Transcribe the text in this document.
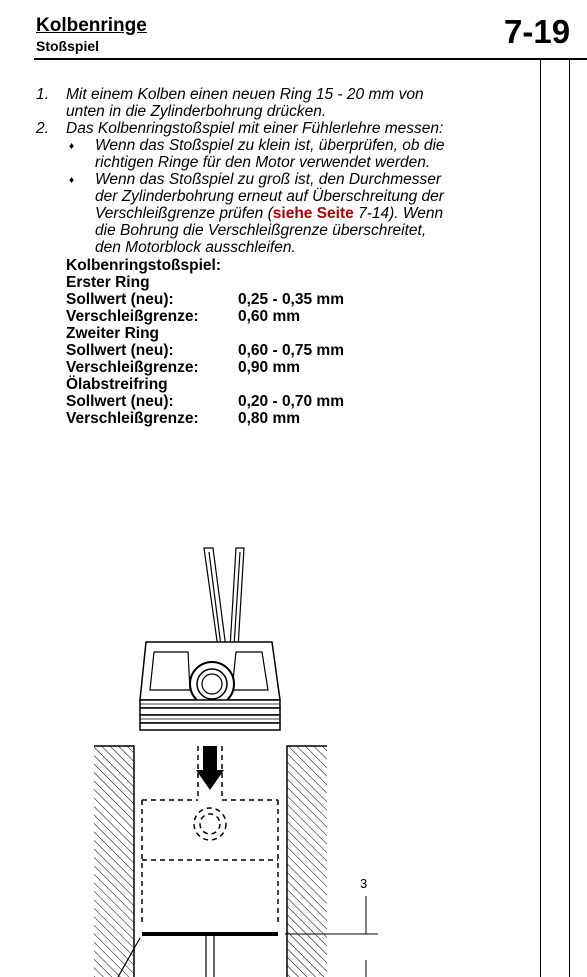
Kolbenringe
Stoßspiel	7-19
1. Mit einem Kolben einen neuen Ring 15 - 20 mm von
unten in die Zylinderbohrung drücken.
2. Das Kolbenringstoßspiel mit einer Fühlerlehre messen:
♦ Wenn das Stoßspiel zu klein ist, überprüfen, ob die
richtigen Ringe für den Motor verwendet werden.
♦ Wenn das Stoßspiel zu groß ist, den Durchmesser
der Zylinderbohrung erneut auf Überschreitung der
Verschleißgrenze prüfen (siehe Seite 7-14). Wenn
die Bohrung die Verschleißgrenze überschreitet,
den Motorblock ausschleifen.
Kolbenringstoßspiel:
Erster Ring
Sollwert (neu):	0,25 - 0,35 mm
Verschleißgrenze:	0,60 mm
Zweiter Ring
Sollwert (neu):	0,60 - 0,75 mm
Verschleißgrenze:	0,90 mm
Ölabstreifring
Sollwert (neu):	0,20 - 0,70 mm
Verschleißgrenze:	0,80 mm
3
